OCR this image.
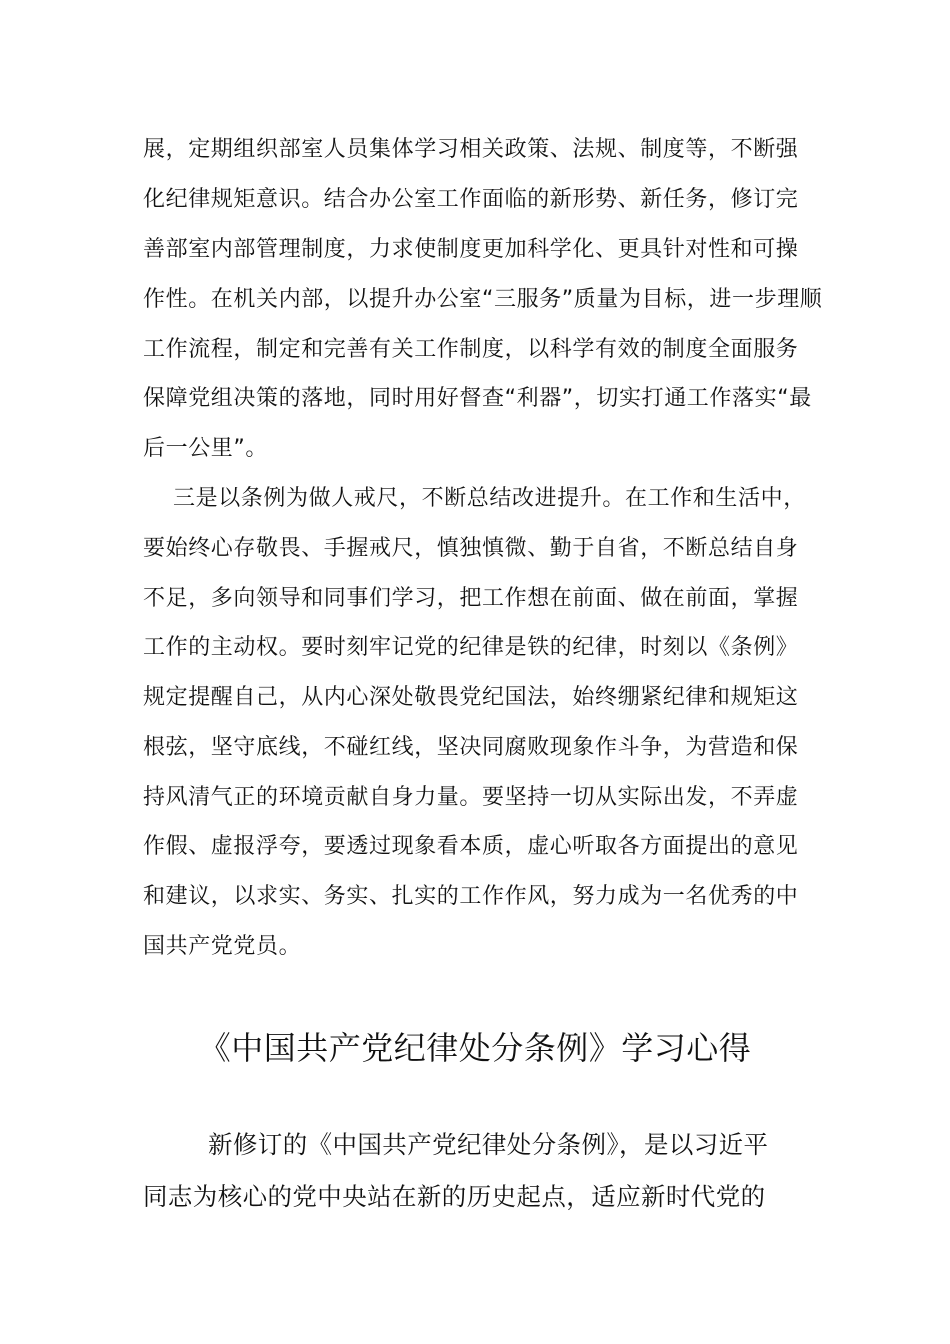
展，定期组织部室人员集体学习相关政策、法规、制度等，不断强
化纪律规矩意识。结合办公室工作面临的新形势、新任务，修订完
善部室内部管理制度，力求使制度更加科学化、更具针对性和可操
作性。在机关内部，以提升办公室“三服务”质量为目标，进一步理顺
工作流程，制定和完善有关工作制度，以科学有效的制度全面服务
保障党组决策的落地，同时用好督查“利器”，切实打通工作落实“最
后一公里”。
三是以条例为做人戒尺，不断总结改进提升。在工作和生活中，
要始终心存敬畏、手握戒尺，慎独慎微、勤于自省，不断总结自身
不足，多向领导和同事们学习，把工作想在前面、做在前面，掌握
工作的主动权。要时刻牢记党的纪律是铁的纪律，时刻以《条例》
规定提醒自己，从内心深处敬畏党纪国法，始终绷紧纪律和规矩这
根弦，坚守底线，不碰红线，坚决同腐败现象作斗争，为营造和保
持风清气正的环境贡献自身力量。要坚持一切从实际出发，不弄虚
作假、虚报浮夸，要透过现象看本质，虚心听取各方面提出的意见
和建议，以求实、务实、扎实的工作作风，努力成为一名优秀的中
国共产党党员。
《中国共产党纪律处分条例》学习心得
新修订的《中国共产党纪律处分条例》，是以习近平
同志为核心的党中央站在新的历史起点，适应新时代党的
